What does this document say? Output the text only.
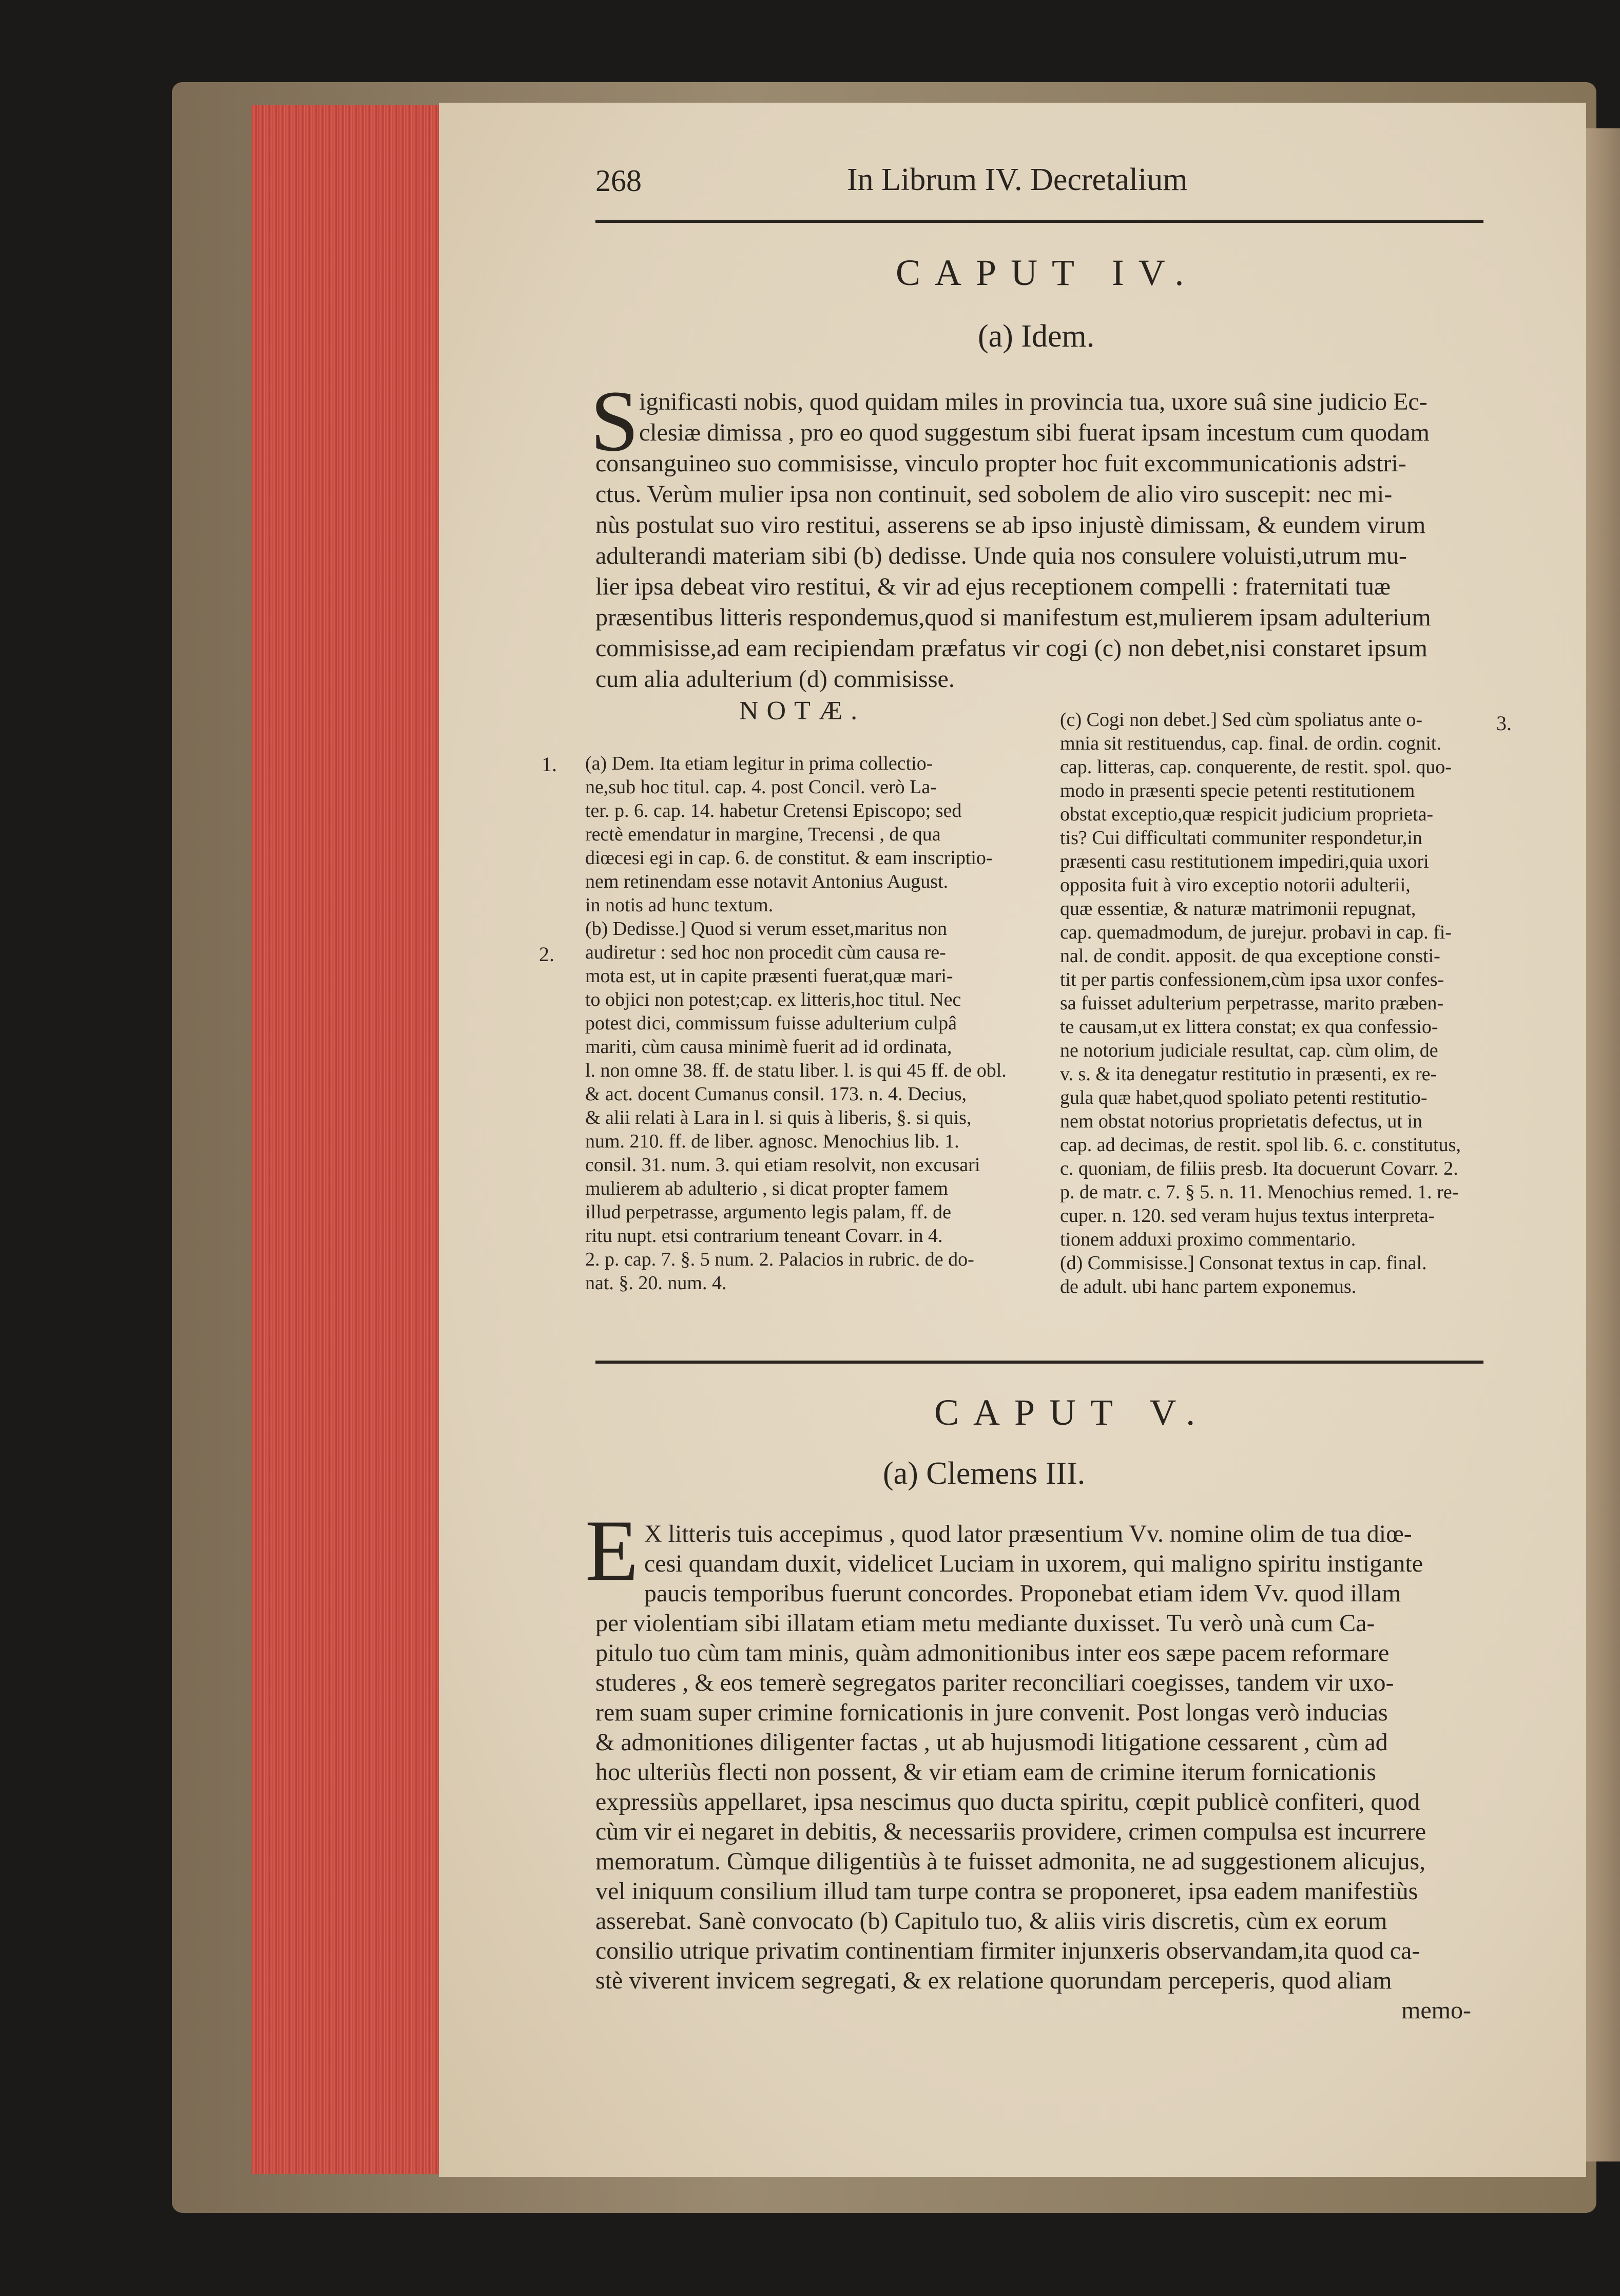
268	In Librum IV. Decretalium
CAPUT IV.
(a) Idem.
S ignificasti nobis, quod quidam miles in provincia tua, uxore suâ sine judicio Ec-
clesiæ dimissa , pro eo quod suggestum sibi fuerat ipsam incestum cum quodam
consanguineo suo commisisse, vinculo propter hoc fuit excommunicationis adstri-
ctus. Verùm mulier ipsa non continuit, sed sobolem de alio viro suscepit: nec mi-
nùs postulat suo viro restitui, asserens se ab ipso injustè dimissam, & eundem virum
adulterandi materiam sibi (b) dedisse. Unde quia nos consulere voluisti,utrum mu-
lier ipsa debeat viro restitui, & vir ad ejus receptionem compelli : fraternitati tuæ
præsentibus litteris respondemus,quod si manifestum est,mulierem ipsam adulterium
commisisse,ad eam recipiendam præfatus vir cogi (c) non debet,nisi constaret ipsum
cum alia adulterium (d) commisisse.
NOTÆ.
1.
2.
3.
(a) Dem. Ita etiam legitur in prima collectio-
ne,sub hoc titul. cap. 4. post Concil. verò La-
ter. p. 6. cap. 14. habetur Cretensi Episcopo; sed
rectè emendatur in margine, Trecensi , de qua
diœcesi egi in cap. 6. de constitut. & eam inscriptio-
nem retinendam esse notavit Antonius August.
in notis ad hunc textum.
(b) Dedisse.] Quod si verum esset,maritus non
audiretur : sed hoc non procedit cùm causa re-
mota est, ut in capite præsenti fuerat,quæ mari-
to objici non potest;cap. ex litteris,hoc titul. Nec
potest dici, commissum fuisse adulterium culpâ
mariti, cùm causa minimè fuerit ad id ordinata,
l. non omne 38. ff. de statu liber. l. is qui 45 ff. de obl.
& act. docent Cumanus consil. 173. n. 4. Decius,
& alii relati à Lara in l. si quis à liberis, §. si quis,
num. 210. ff. de liber. agnosc. Menochius lib. 1.
consil. 31. num. 3. qui etiam resolvit, non excusari
mulierem ab adulterio , si dicat propter famem
illud perpetrasse, argumento legis palam, ff. de
ritu nupt. etsi contrarium teneant Covarr. in 4.
2. p. cap. 7. §. 5 num. 2. Palacios in rubric. de do-
nat. §. 20. num. 4.
(c) Cogi non debet.] Sed cùm spoliatus ante o-
mnia sit restituendus, cap. final. de ordin. cognit.
cap. litteras, cap. conquerente, de restit. spol. quo-
modo in præsenti specie petenti restitutionem
obstat exceptio,quæ respicit judicium proprieta-
tis? Cui difficultati communiter respondetur,in
præsenti casu restitutionem impediri,quia uxori
opposita fuit à viro exceptio notorii adulterii,
quæ essentiæ, & naturæ matrimonii repugnat,
cap. quemadmodum, de jurejur. probavi in cap. fi-
nal. de condit. apposit. de qua exceptione consti-
tit per partis confessionem,cùm ipsa uxor confes-
sa fuisset adulterium perpetrasse, marito præben-
te causam,ut ex littera constat; ex qua confessio-
ne notorium judiciale resultat, cap. cùm olim, de
v. s. & ita denegatur restitutio in præsenti, ex re-
gula quæ habet,quod spoliato petenti restitutio-
nem obstat notorius proprietatis defectus, ut in
cap. ad decimas, de restit. spol lib. 6. c. constitutus,
c. quoniam, de filiis presb. Ita docuerunt Covarr. 2.
p. de matr. c. 7. § 5. n. 11. Menochius remed. 1. re-
cuper. n. 120. sed veram hujus textus interpreta-
tionem adduxi proximo commentario.
(d) Commisisse.] Consonat textus in cap. final.
de adult. ubi hanc partem exponemus.
CAPUT V.
(a) Clemens III.
E X litteris tuis accepimus , quod lator præsentium Vv. nomine olim de tua diœ-
cesi quandam duxit, videlicet Luciam in uxorem, qui maligno spiritu instigante
paucis temporibus fuerunt concordes. Proponebat etiam idem Vv. quod illam
per violentiam sibi illatam etiam metu mediante duxisset. Tu verò unà cum Ca-
pitulo tuo cùm tam minis, quàm admonitionibus inter eos sæpe pacem reformare
studeres , & eos temerè segregatos pariter reconciliari coegisses, tandem vir uxo-
rem suam super crimine fornicationis in jure convenit. Post longas verò inducias
& admonitiones diligenter factas , ut ab hujusmodi litigatione cessarent , cùm ad
hoc ulteriùs flecti non possent, & vir etiam eam de crimine iterum fornicationis
expressiùs appellaret, ipsa nescimus quo ducta spiritu, cœpit publicè confiteri, quod
cùm vir ei negaret in debitis, & necessariis providere, crimen compulsa est incurrere
memoratum. Cùmque diligentiùs à te fuisset admonita, ne ad suggestionem alicujus,
vel iniquum consilium illud tam turpe contra se proponeret, ipsa eadem manifestiùs
asserebat. Sanè convocato (b) Capitulo tuo, & aliis viris discretis, cùm ex eorum
consilio utrique privatim continentiam firmiter injunxeris observandam,ita quod ca-
stè viverent invicem segregati, & ex relatione quorundam perceperis, quod aliam
memo-
